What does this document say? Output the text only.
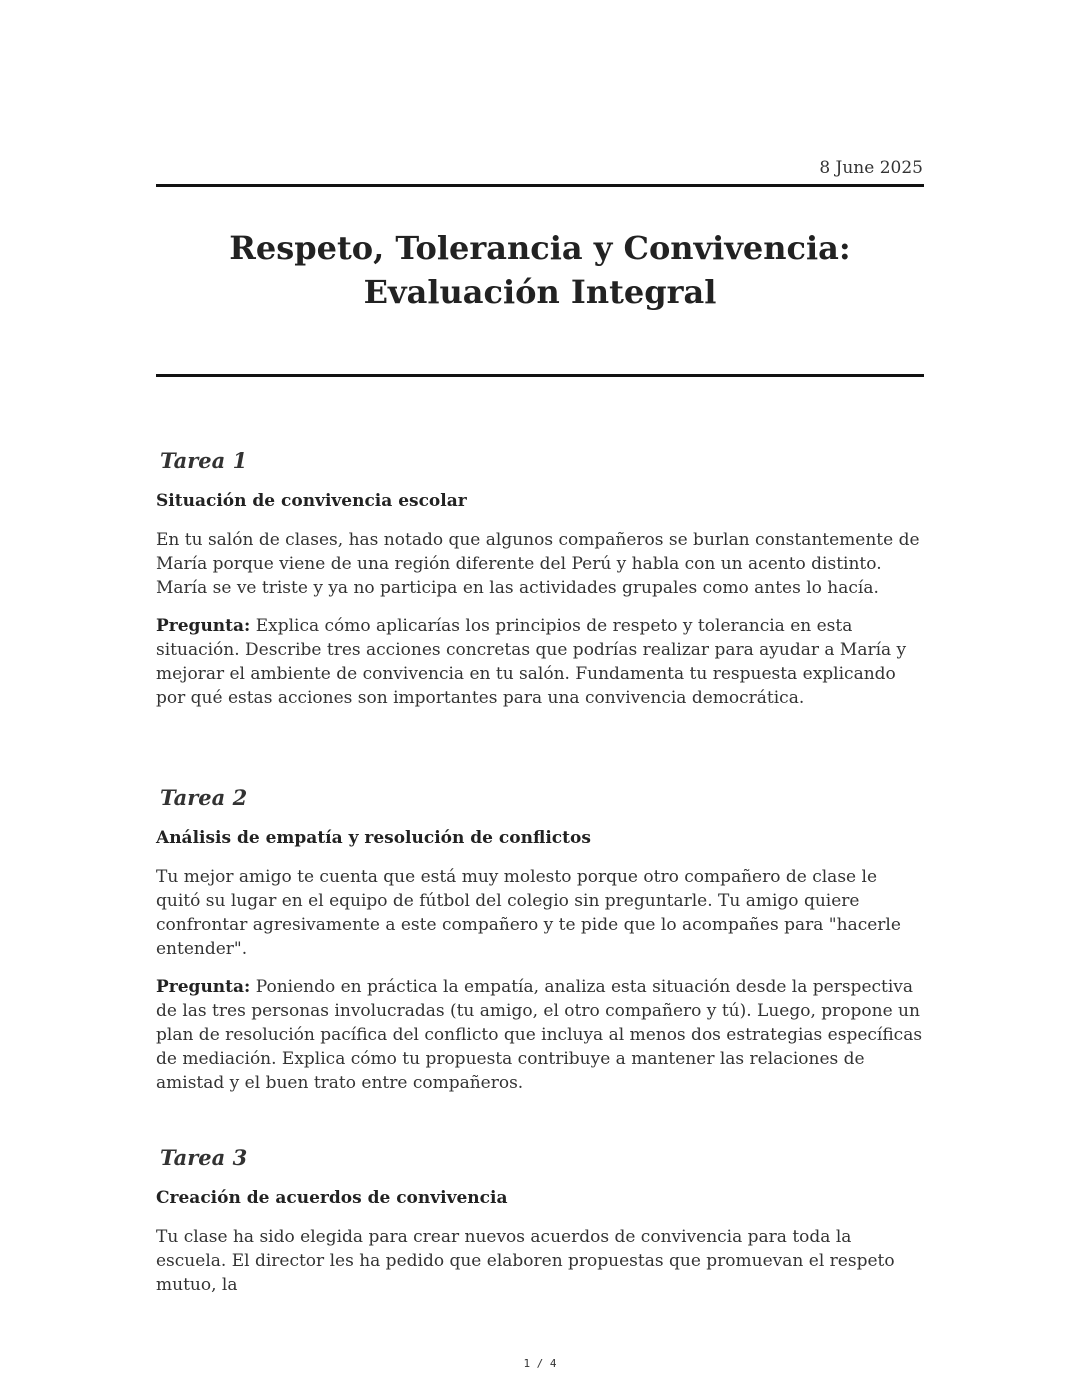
8 June 2025
Respeto, Tolerancia y Convivencia: Evaluación Integral
Tarea 1
Situación de convivencia escolar

En tu salón de clases, has notado que algunos compañeros se burlan constantemente de María porque viene de una región diferente del Perú y habla con un acento distinto. María se ve triste y ya no participa en las actividades grupales como antes lo hacía.

Pregunta: Explica cómo aplicarías los principios de respeto y tolerancia en esta situación. Describe tres acciones concretas que podrías realizar para ayudar a María y mejorar el ambiente de convivencia en tu salón. Fundamenta tu respuesta explicando por qué estas acciones son importantes para una convivencia democrática.

Tarea 2
Análisis de empatía y resolución de conflictos

Tu mejor amigo te cuenta que está muy molesto porque otro compañero de clase le quitó su lugar en el equipo de fútbol del colegio sin preguntarle. Tu amigo quiere confrontar agresivamente a este compañero y te pide que lo acompañes para "hacerle entender".

Pregunta: Poniendo en práctica la empatía, analiza esta situación desde la perspectiva de las tres personas involucradas (tu amigo, el otro compañero y tú). Luego, propone un plan de resolución pacífica del conflicto que incluya al menos dos estrategias específicas de mediación. Explica cómo tu propuesta contribuye a mantener las relaciones de amistad y el buen trato entre compañeros.

Tarea 3
Creación de acuerdos de convivencia

Tu clase ha sido elegida para crear nuevos acuerdos de convivencia para toda la escuela. El director les ha pedido que elaboren propuestas que promuevan el respeto mutuo, la

1 / 4
